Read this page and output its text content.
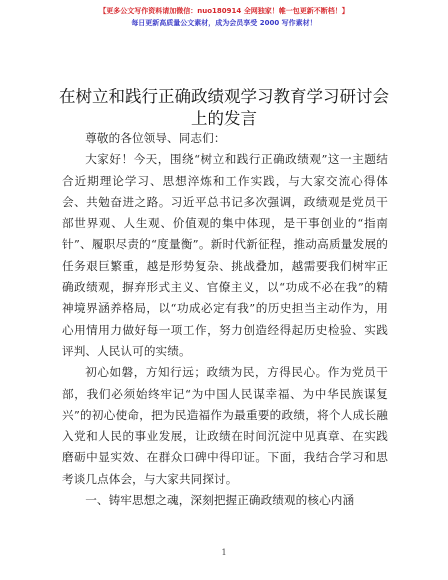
【更多公文写作资料请加微信：nuo180914 全网独家！帷一包更新不断档！】
每日更新高质量公文素材，成为会员享受 2000 写作素材！
在树立和践行正确政绩观学习教育学习研讨会
上的发言

尊敬的各位领导、同志们：

大家好！今天，围绕“树立和践行正确政绩观”这一主题结合近期理论学习、思想淬炼和工作实践，与大家交流心得体会、共勉奋进之路。习近平总书记多次强调，政绩观是党员干部世界观、人生观、价值观的集中体现，是干事创业的“指南针”、履职尽责的“度量衡”。新时代新征程，推动高质量发展的任务艰巨繁重，越是形势复杂、挑战叠加，越需要我们树牢正确政绩观，摒弃形式主义、官僚主义，以“功成不必在我”的精神境界涵养格局，以“功成必定有我”的历史担当主动作为，用心用情用力做好每一项工作，努力创造经得起历史检验、实践评判、人民认可的实绩。

初心如磐，方知行远；政绩为民，方得民心。作为党员干部，我们必须始终牢记“为中国人民谋幸福、为中华民族谋复兴”的初心使命，把为民造福作为最重要的政绩，将个人成长融入党和人民的事业发展，让政绩在时间沉淀中见真章、在实践磨砺中显实效、在群众口碑中得印证。下面，我结合学习和思考谈几点体会，与大家共同探讨。

一、铸牢思想之魂，深刻把握正确政绩观的核心内涵

1
